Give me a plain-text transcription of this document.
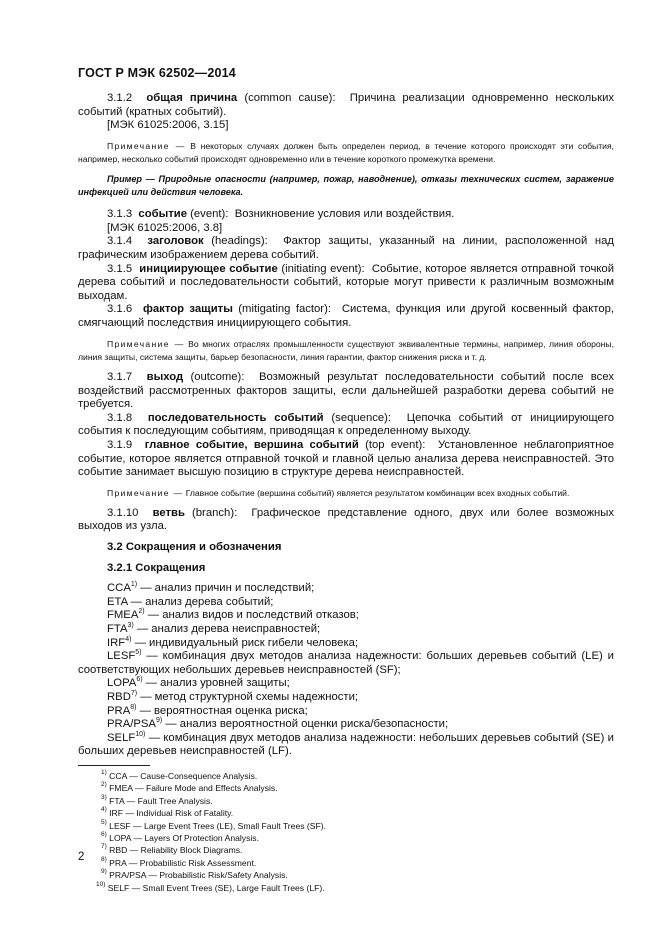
ГОСТ Р МЭК 62502—2014

3.1.2 общая причина (common cause): Причина реализации одновременно нескольких событий (кратных событий).

[МЭК 61025:2006, 3.15]

Примечание — В некоторых случаях должен быть определен период, в течение которого происходят эти события, например, несколько событий происходят одновременно или в течение короткого промежутка времени.

Пример — Природные опасности (например, пожар, наводнение), отказы технических систем, заражение инфекцией или действия человека.

3.1.3 событие (event): Возникновение условия или воздействия.

[МЭК 61025:2006, 3.8]

3.1.4 заголовок (headings): Фактор защиты, указанный на линии, расположенной над графическим изображением дерева событий.

3.1.5 инициирующее событие (initiating event): Событие, которое является отправной точкой дерева событий и последовательности событий, которые могут привести к различным возможным выходам.

3.1.6 фактор защиты (mitigating factor): Система, функция или другой косвенный фактор, смягчающий последствия инициирующего события.

Примечание — Во многих отраслях промышленности существуют эквивалентные термины, например, линия обороны, линия защиты, система защиты, барьер безопасности, линия гарантии, фактор снижения риска и т. д.

3.1.7 выход (outcome): Возможный результат последовательности событий после всех воздействий рассмотренных факторов защиты, если дальнейшей разработки дерева событий не требуется.

3.1.8 последовательность событий (sequence): Цепочка событий от инициирующего события к последующим событиям, приводящая к определенному выходу.

3.1.9 главное событие, вершина событий (top event): Установленное неблагоприятное событие, которое является отправной точкой и главной целью анализа дерева неисправностей. Это событие занимает высшую позицию в структуре дерева неисправностей.

Примечание — Главное событие (вершина событий) является результатом комбинации всех входных событий.

3.1.10 ветвь (branch): Графическое представление одного, двух или более возможных выходов из узла.

3.2 Сокращения и обозначения

3.2.1 Сокращения

CCA$^{1)}$ — анализ причин и последствий;

ETA — анализ дерева событий;

FMEA$^{2)}$ — анализ видов и последствий отказов;

FTA$^{3)}$ — анализ дерева неисправностей;

IRF$^{4)}$ — индивидуальный риск гибели человека;

LESF$^{5)}$ — комбинация двух методов анализа надежности: больших деревьев событий (LE) и соответствующих небольших деревьев неисправностей (SF);

LOPA$^{6)}$ — анализ уровней защиты;

RBD$^{7)}$ — метод структурной схемы надежности;

PRA$^{8)}$ — вероятностная оценка риска;

PRA/PSA$^{9)}$ — анализ вероятностной оценки риска/безопасности;

SELF$^{10)}$ — комбинация двух методов анализа надежности: небольших деревьев событий (SE) и больших деревьев неисправностей (LF).

$^{1)}$ CCA — Cause-Consequence Analysis.

$^{2)}$ FMEA — Failure Mode and Effects Analysis.

$^{3)}$ FTA — Fault Tree Analysis.

$^{4)}$ IRF — Individual Risk of Fatality.

$^{5)}$ LESF — Large Event Trees (LE), Small Fault Trees (SF).

$^{6)}$ LOPA — Layers Of Protection Analysis.

$^{7)}$ RBD — Reliability Block Diagrams.

$^{8)}$ PRA — Probabilistic Risk Assessment.

$^{9)}$ PRA/PSA — Probabilistic Risk/Safety Analysis.

$^{10)}$ SELF — Small Event Trees (SE), Large Fault Trees (LF).

2
